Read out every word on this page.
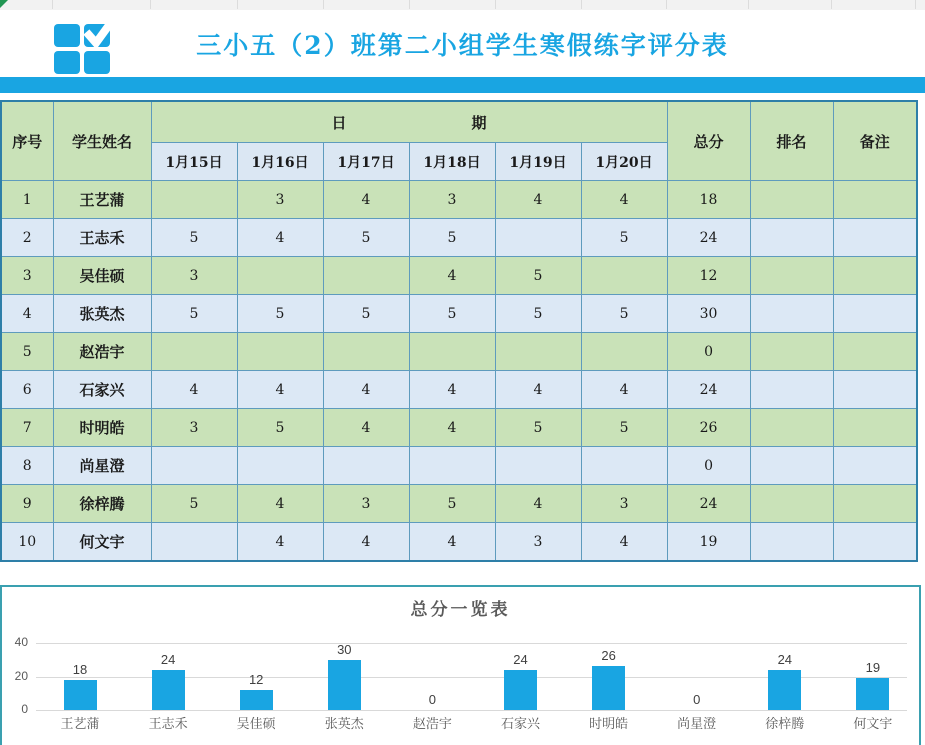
三小五（2）班第二小组学生寒假练字评分表
序号	学生姓名	日 期						总分	排名	备注
		1月15日	1月16日	1月17日	1月18日	1月19日	1月20日			
1	王艺蒲		3	4	3	4	4	18		
2	王志禾	5	4	5	5		5	24		
3	吴佳硕	3			4	5		12		
4	张英杰	5	5	5	5	5	5	30		
5	赵浩宇							0		
6	石家兴	4	4	4	4	4	4	24		
7	时明皓	3	5	4	4	5	5	26		
8	尚星澄							0		
9	徐梓腾	5	4	3	5	4	3	24		
10	何文宇		4	4	4	3	4	19		
总分一览表
40
20
0
18
王艺蒲
24
王志禾
12
吴佳硕
30
张英杰
0
赵浩宇
24
石家兴
26
时明皓
0
尚星澄
24
徐梓腾
19
何文宇
